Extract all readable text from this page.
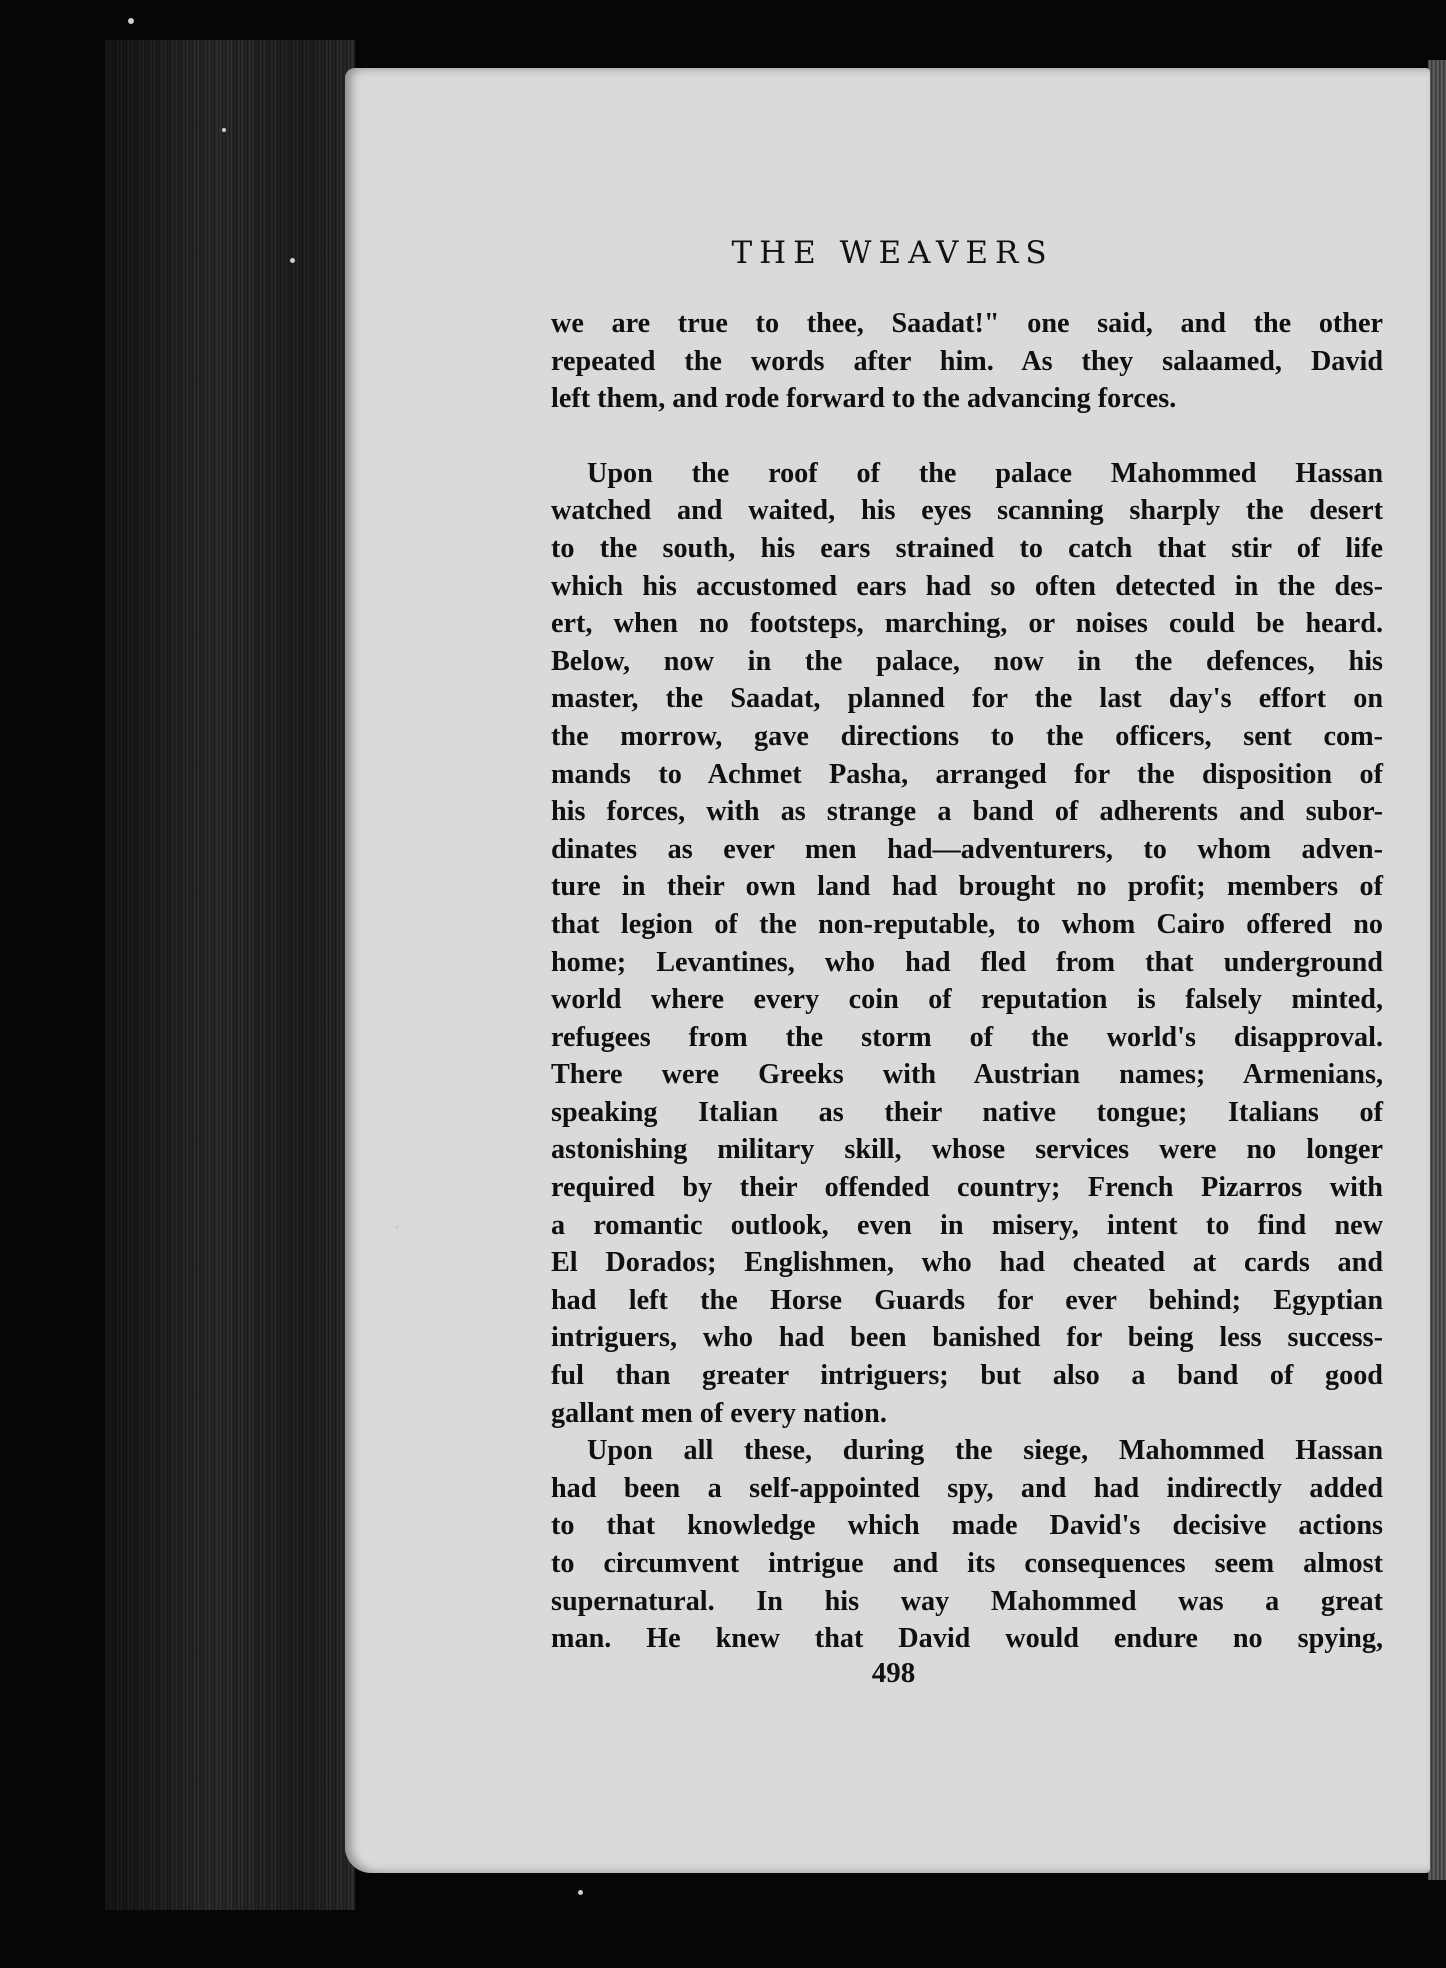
THE WEAVERS
we are true to thee, Saadat!" one said, and the other
repeated the words after him. As they salaamed, David
left them, and rode forward to the advancing forces.
Upon the roof of the palace Mahommed Hassan
watched and waited, his eyes scanning sharply the desert
to the south, his ears strained to catch that stir of life
which his accustomed ears had so often detected in the des-
ert, when no footsteps, marching, or noises could be heard.
Below, now in the palace, now in the defences, his
master, the Saadat, planned for the last day's effort on
the morrow, gave directions to the officers, sent com-
mands to Achmet Pasha, arranged for the disposition of
his forces, with as strange a band of adherents and subor-
dinates as ever men had—adventurers, to whom adven-
ture in their own land had brought no profit; members of
that legion of the non-reputable, to whom Cairo offered no
home; Levantines, who had fled from that underground
world where every coin of reputation is falsely minted,
refugees from the storm of the world's disapproval.
There were Greeks with Austrian names; Armenians,
speaking Italian as their native tongue; Italians of
astonishing military skill, whose services were no longer
required by their offended country; French Pizarros with
a romantic outlook, even in misery, intent to find new
El Dorados; Englishmen, who had cheated at cards and
had left the Horse Guards for ever behind; Egyptian
intriguers, who had been banished for being less success-
ful than greater intriguers; but also a band of good
gallant men of every nation.
Upon all these, during the siege, Mahommed Hassan
had been a self-appointed spy, and had indirectly added
to that knowledge which made David's decisive actions
to circumvent intrigue and its consequences seem almost
supernatural. In his way Mahommed was a great
man. He knew that David would endure no spying,
498
